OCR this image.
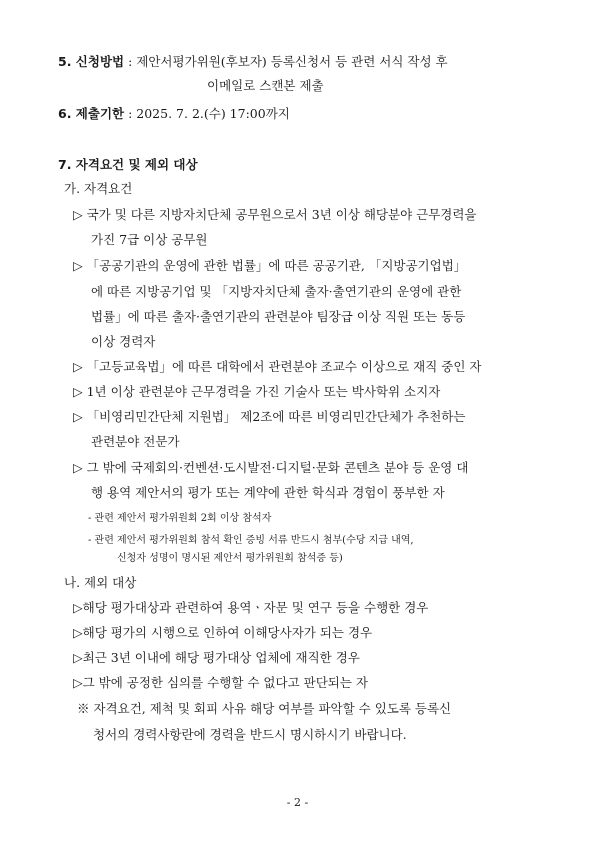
5. 신청방법 : 제안서평가위원(후보자) 등록신청서 등 관련 서식 작성 후
이메일로 스캔본 제출
6. 제출기한 : 2025. 7. 2.(수) 17:00까지
7. 자격요건 및 제외 대상
가. 자격요건
▷ 국가 및 다른 지방자치단체 공무원으로서 3년 이상 해당분야 근무경력을
가진 7급 이상 공무원
▷ 「공공기관의 운영에 관한 법률」에 따른 공공기관, 「지방공기업법」
에 따른 지방공기업 및 「지방자치단체 출자·출연기관의 운영에 관한
법률」에 따른 출자·출연기관의 관련분야 팀장급 이상 직원 또는 동등
이상 경력자
▷ 「고등교육법」에 따른 대학에서 관련분야 조교수 이상으로 재직 중인 자
▷ 1년 이상 관련분야 근무경력을 가진 기술사 또는 박사학위 소지자
▷ 「비영리민간단체 지원법」 제2조에 따른 비영리민간단체가 추천하는
관련분야 전문가
▷ 그 밖에 국제회의·컨벤션·도시발전·디지털·문화 콘텐츠 분야 등 운영 대
행 용역 제안서의 평가 또는 계약에 관한 학식과 경험이 풍부한 자
- 관련 제안서 평가위원회 2회 이상 참석자
- 관련 제안서 평가위원회 참석 확인 증빙 서류 반드시 첨부(수당 지급 내역,
신청자 성명이 명시된 제안서 평가위원회 참석증 등)
나. 제외 대상
▷해당 평가대상과 관련하여 용역ㆍ자문 및 연구 등을 수행한 경우
▷해당 평가의 시행으로 인하여 이해당사자가 되는 경우
▷최근 3년 이내에 해당 평가대상 업체에 재직한 경우
▷그 밖에 공정한 심의를 수행할 수 없다고 판단되는 자
※ 자격요건, 제척 및 회피 사유 해당 여부를 파악할 수 있도록 등록신
청서의 경력사항란에 경력을 반드시 명시하시기 바랍니다.
- 2 -
